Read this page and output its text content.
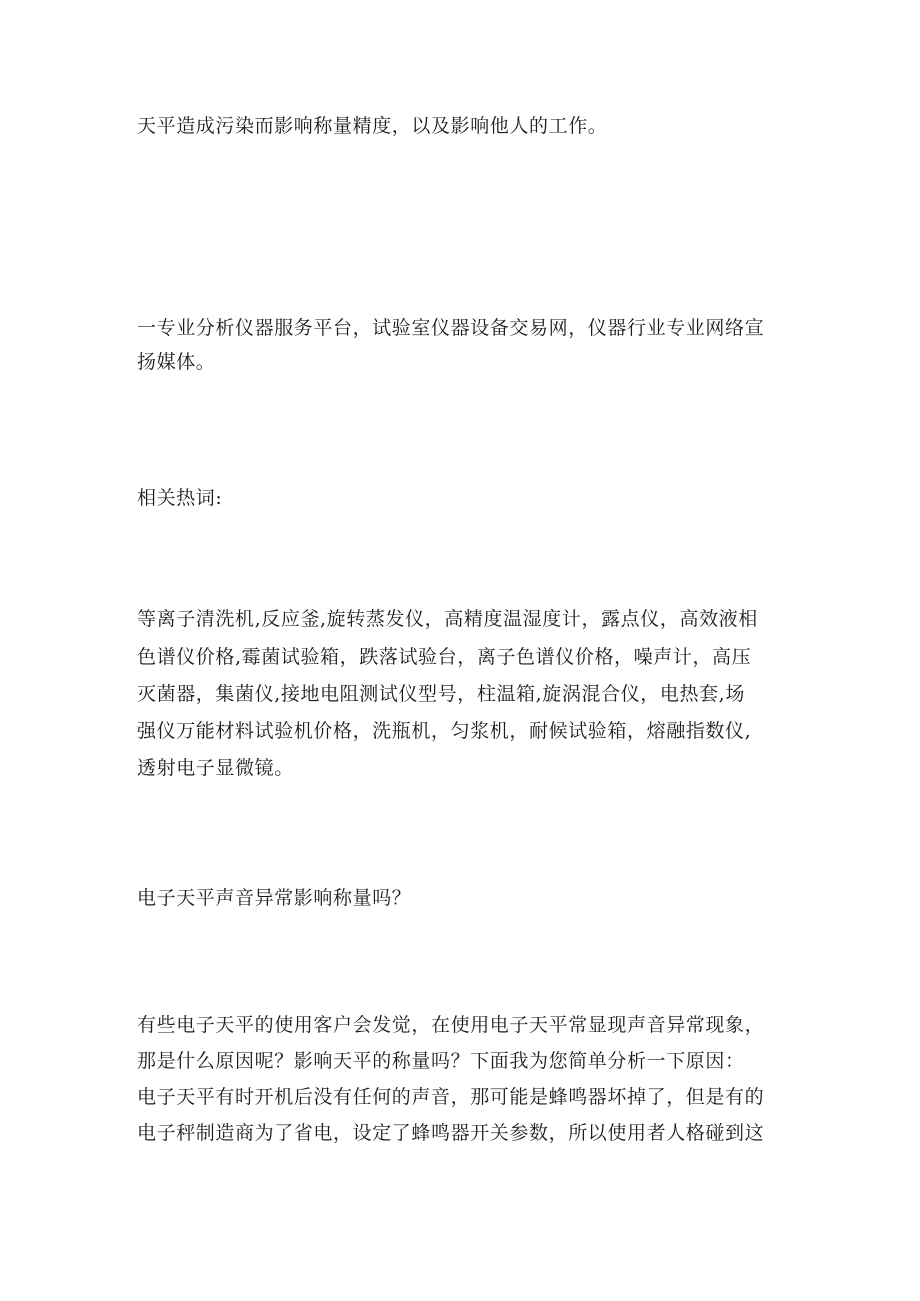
天平造成污染而影响称量精度，以及影响他人的工作。
一专业分析仪器服务平台，试验室仪器设备交易网，仪器行业专业网络宣
扬媒体。
相关热词:
等离子清洗机,反应釜,旋转蒸发仪，高精度温湿度计，露点仪，高效液相
色谱仪价格,霉菌试验箱，跌落试验台，离子色谱仪价格，噪声计，高压
灭菌器，集菌仪,接地电阻测试仪型号，柱温箱,旋涡混合仪，电热套,场
强仪万能材料试验机价格，洗瓶机，匀浆机，耐候试验箱，熔融指数仪,
透射电子显微镜。
电子天平声音异常影响称量吗？
有些电子天平的使用客户会发觉，在使用电子天平常显现声音异常现象，
那是什么原因呢？影响天平的称量吗？下面我为您简单分析一下原因：
电子天平有时开机后没有任何的声音，那可能是蜂鸣器坏掉了，但是有的
电子秤制造商为了省电，设定了蜂鸣器开关参数，所以使用者人格碰到这
